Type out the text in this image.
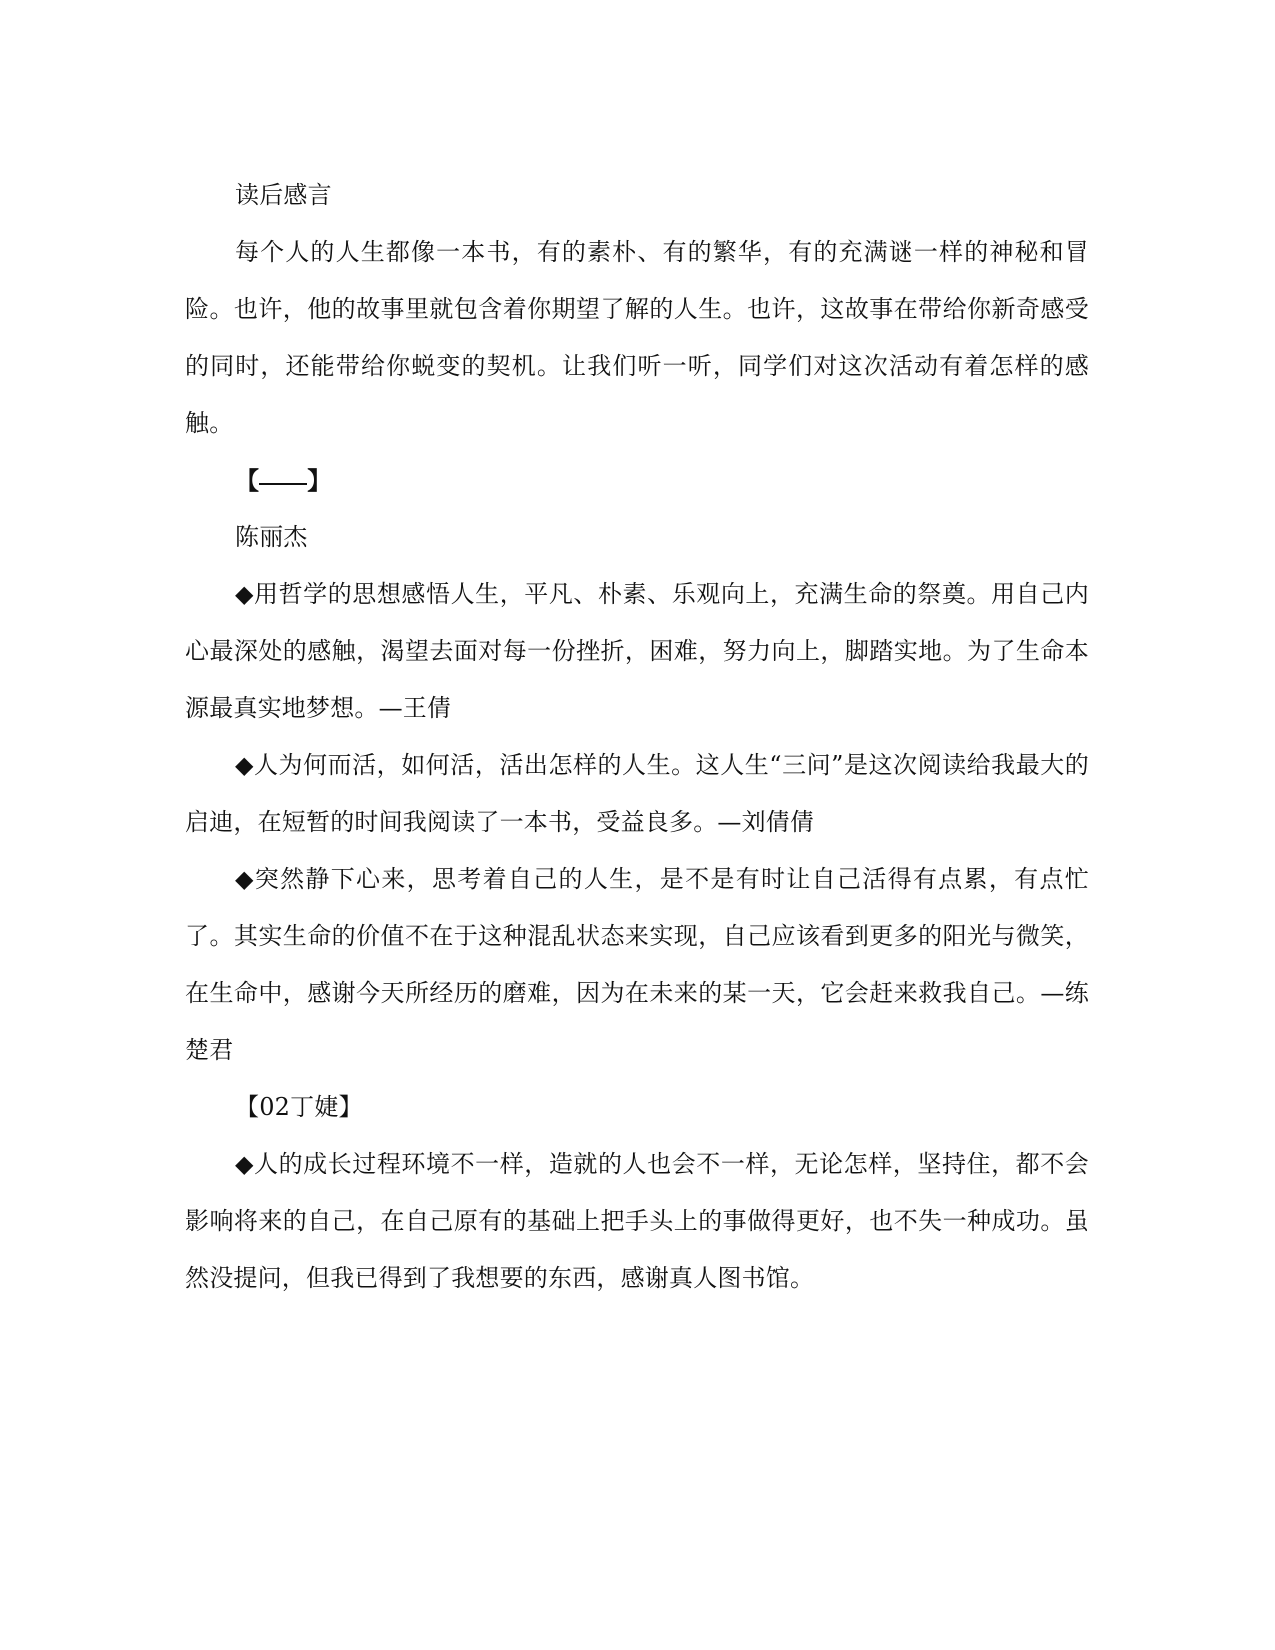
读后感言

每个人的人生都像一本书，有的素朴、有的繁华，有的充满谜一样的神秘和冒险。也许，他的故事里就包含着你期望了解的人生。也许，这故事在带给你新奇感受的同时，还能带给你蜕变的契机。让我们听一听，同学们对这次活动有着怎样的感触。

【 】

陈丽杰

◆用哲学的思想感悟人生，平凡、朴素、乐观向上，充满生命的祭奠。用自己内心最深处的感触，渴望去面对每一份挫折，困难，努力向上，脚踏实地。为了生命本源最真实地梦想。—王倩

◆人为何而活，如何活，活出怎样的人生。这人生“三问”是这次阅读给我最大的启迪，在短暂的时间我阅读了一本书，受益良多。—刘倩倩

◆突然静下心来，思考着自己的人生，是不是有时让自己活得有点累，有点忙了。其实生命的价值不在于这种混乱状态来实现，自己应该看到更多的阳光与微笑，在生命中，感谢今天所经历的磨难，因为在未来的某一天，它会赶来救我自己。—练楚君

【02丁婕】

◆人的成长过程环境不一样，造就的人也会不一样，无论怎样，坚持住，都不会影响将来的自己，在自己原有的基础上把手头上的事做得更好，也不失一种成功。虽然没提问，但我已得到了我想要的东西，感谢真人图书馆。
